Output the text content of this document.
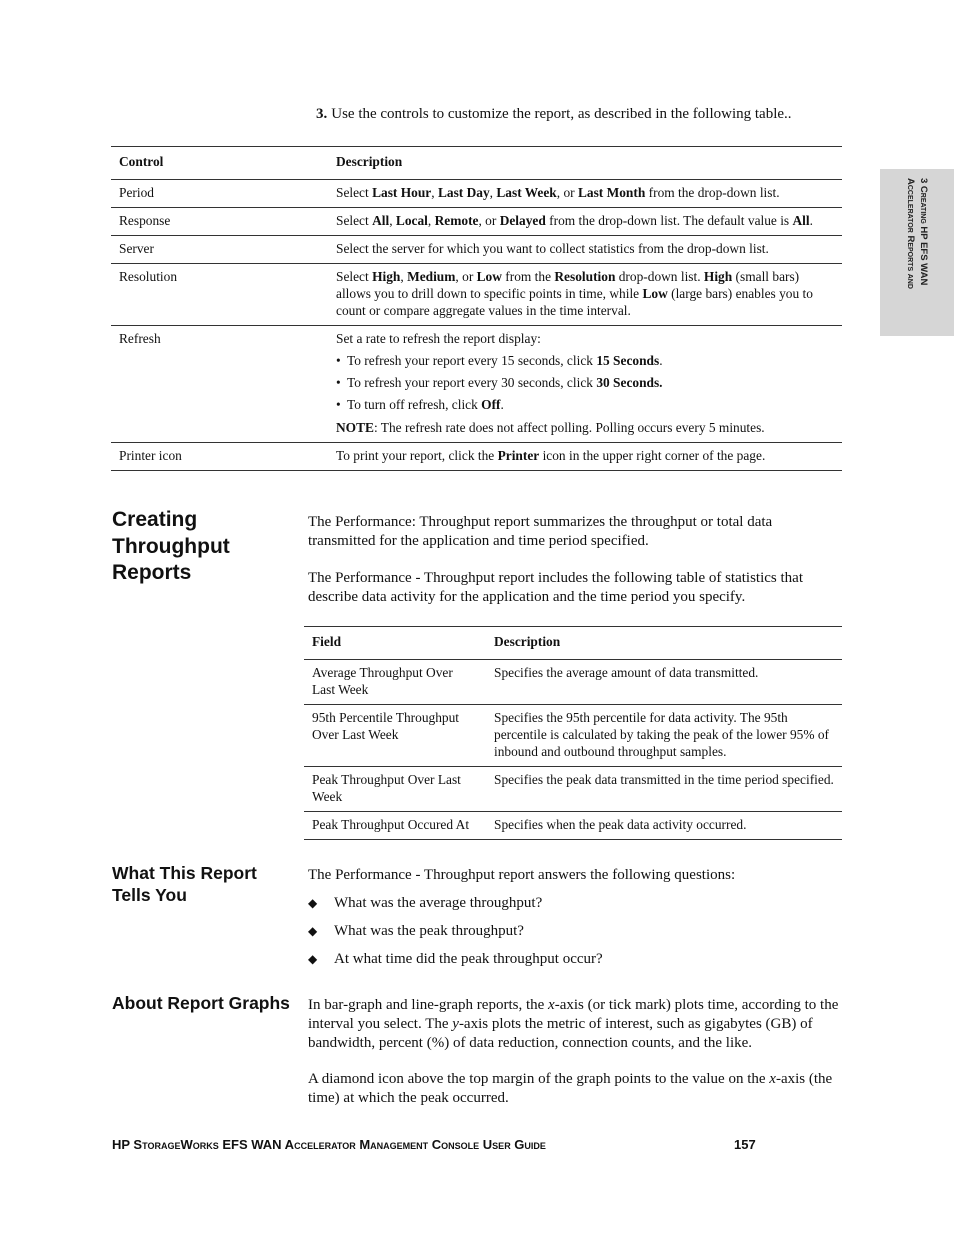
3. Use the controls to customize the report, as described in the following table..
Control	Description
Period	Select Last Hour, Last Day, Last Week, or Last Month from the drop-down list.
Response	Select All, Local, Remote, or Delayed from the drop-down list. The default value is All.
Server	Select the server for which you want to collect statistics from the drop-down list.
Resolution	Select High, Medium, or Low from the Resolution drop-down list. High (small bars) allows you to drill down to specific points in time, while Low (large bars) enables you to count or compare aggregate values in the time interval.
Refresh	Set a rate to refresh the report display:
• To refresh your report every 15 seconds, click 15 Seconds.
• To refresh your report every 30 seconds, click 30 Seconds.
• To turn off refresh, click Off.
NOTE: The refresh rate does not affect polling. Polling occurs every 5 minutes.

Printer icon	To print your report, click the Printer icon in the upper right corner of the page.
3 Creating HP EFS WAN
Accelerator Reports and
Creating Throughput Reports
The Performance: Throughput report summarizes the throughput or total data transmitted for the application and time period specified.
The Performance - Throughput report includes the following table of statistics that describe data activity for the application and the time period you specify.
Field	Description
Average Throughput Over Last Week	Specifies the average amount of data transmitted.
95th Percentile Throughput Over Last Week	Specifies the 95th percentile for data activity. The 95th percentile is calculated by taking the peak of the lower 95% of inbound and outbound throughput samples.
Peak Throughput Over Last Week	Specifies the peak data transmitted in the time period specified.
Peak Throughput Occured At	Specifies when the peak data activity occurred.
What This Report Tells You
The Performance - Throughput report answers the following questions:
◆ What was the average throughput?
◆ What was the peak throughput?
◆ At what time did the peak throughput occur?
About Report Graphs In bar-graph and line-graph reports, the x-axis (or tick mark) plots time, according to the interval you select. The y-axis plots the metric of interest, such as gigabytes (GB) of bandwidth, percent (%) of data reduction, connection counts, and the like.
A diamond icon above the top margin of the graph points to the value on the x-axis (the time) at which the peak occurred.
HP StorageWorks EFS WAN Accelerator Management Console User Guide	157
